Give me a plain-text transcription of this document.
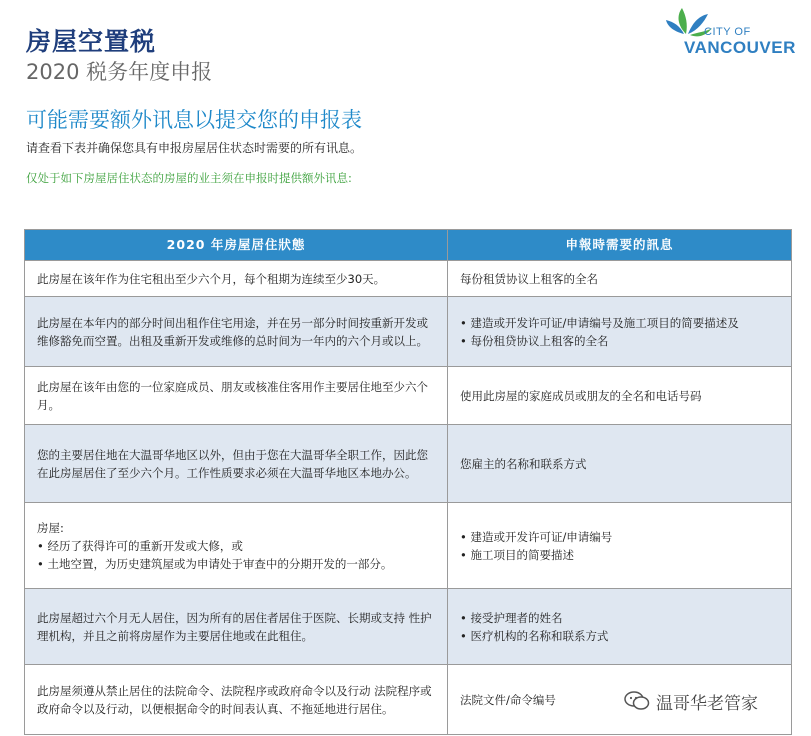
房屋空置税
2020 税务年度申报
CITY OF
VANCOUVER
可能需要额外讯息以提交您的申报表
请查看下表并确保您具有申报房屋居住状态时需要的所有讯息。
仅处于如下房屋居住状态的房屋的业主须在申报时提供额外讯息:
2020 年房屋居住狀態	申報時需要的訊息

此房屋在该年作为住宅租出至少六个月，每个租期为连续至少30天。	每份租赁协议上租客的全名

此房屋在本年内的部分时间出租作住宅用途，并在另一部分时间按重新开发或维修豁免而空置。出租及重新开发或维修的总时间为一年内的六个月或以上。	• 建造或开发许可证/申请编号及施工项目的简要描述及
• 每份租贷协议上租客的全名

此房屋在该年由您的一位家庭成员、朋友或核准住客用作主要居住地至少六个月。	使用此房屋的家庭成员或朋友的全名和电话号码

您的主要居住地在大温哥华地区以外，但由于您在大温哥华全职工作，因此您在此房屋居住了至少六个月。工作性质要求必须在大温哥华地区本地办公。	您雇主的名称和联系方式

房屋:
• 经历了获得许可的重新开发或大修，或
• 土地空置，为历史建筑屋或为申请处于审查中的分期开发的一部分。	• 建造或开发许可证/申请编号
• 施工项目的简要描述

此房屋超过六个月无人居住，因为所有的居住者居住于医院、长期或支持 性护理机构，并且之前将房屋作为主要居住地或在此租住。	• 接受护理者的姓名
• 医疗机构的名称和联系方式

此房屋须遵从禁止居住的法院命令、法院程序或政府命令以及行动 法院程序或政府命令以及行动，以便根据命令的时间表认真、不拖延地进行居住。	法院文件/命令编号	温哥华老管家
